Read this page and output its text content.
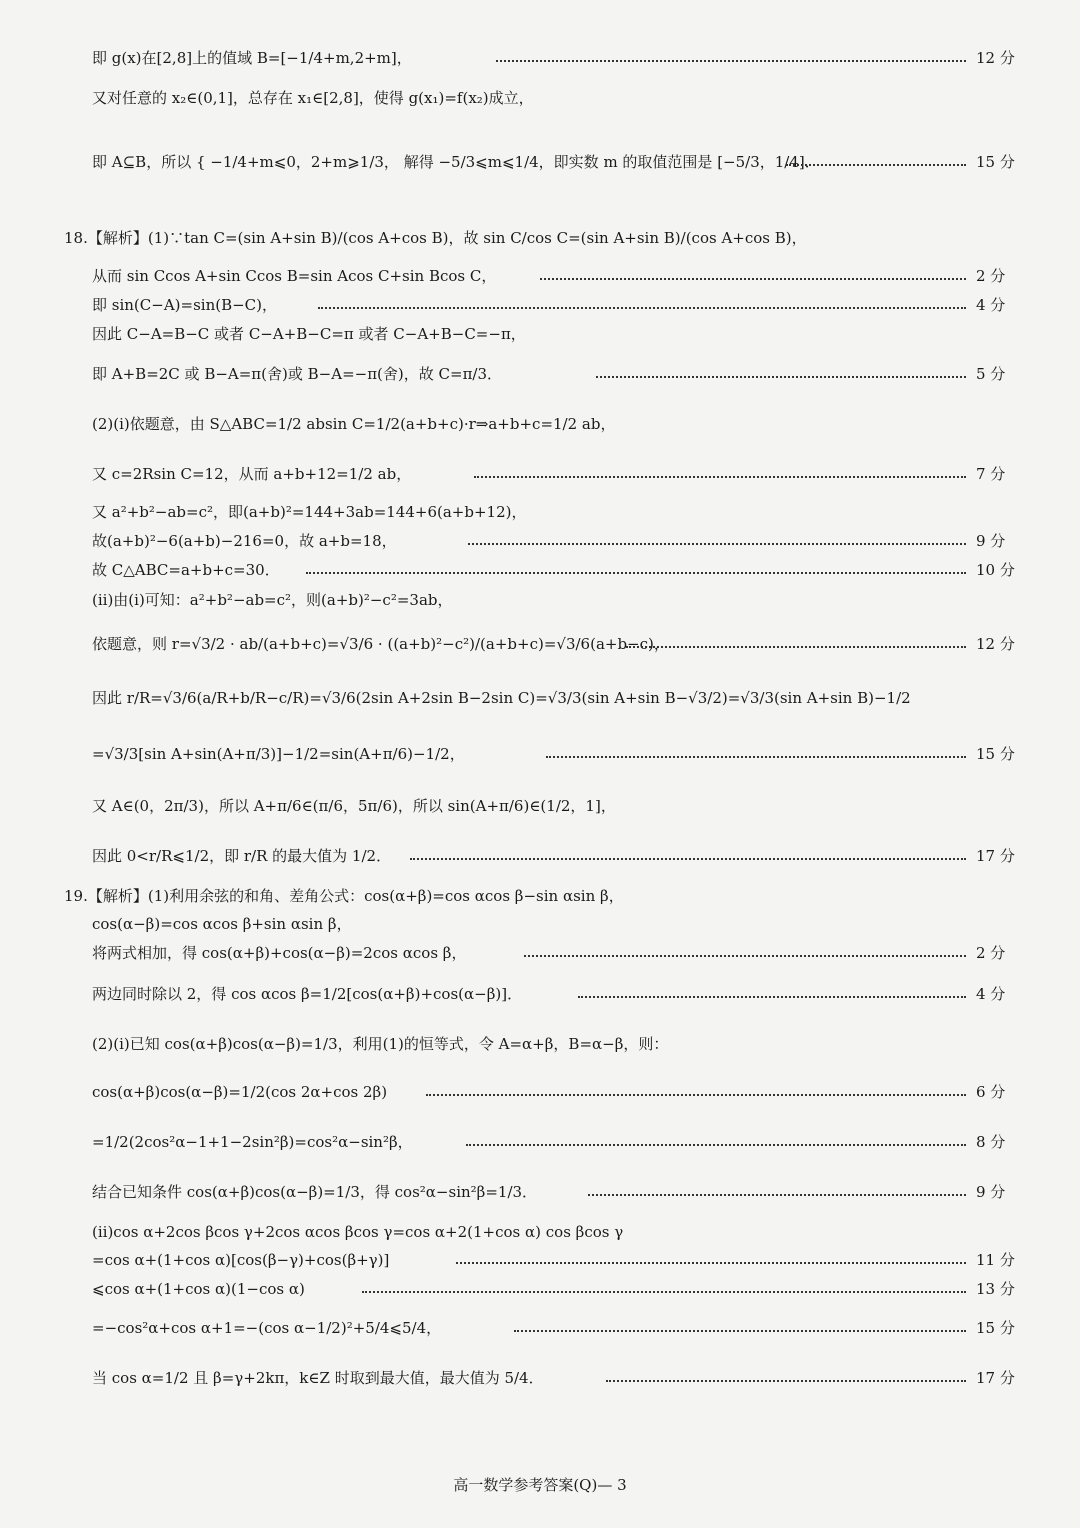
即 g(x)在[2,8]上的值域 B=[−1/4+m,2+m]，	12 分
又对任意的 x₂∈(0,1]，总存在 x₁∈[2,8]，使得 g(x₁)=f(x₂)成立，
即 A⊆B，所以 { −1/4+m⩽0，2+m⩾1/3， 解得 −5/3⩽m⩽1/4，即实数 m 的取值范围是 [−5/3，1/4]．	15 分
18.【解析】(1)∵tan C=(sin A+sin B)/(cos A+cos B)，故 sin C/cos C=(sin A+sin B)/(cos A+cos B)，
从而 sin Ccos A+sin Ccos B=sin Acos C+sin Bcos C，	2 分
即 sin(C−A)=sin(B−C)，	4 分
因此 C−A=B−C 或者 C−A+B−C=π 或者 C−A+B−C=−π，
即 A+B=2C 或 B−A=π(舍)或 B−A=−π(舍)，故 C=π/3．	5 分
(2)(ⅰ)依题意，由 S△ABC=1/2 absin C=1/2(a+b+c)·r⇒a+b+c=1/2 ab，
又 c=2Rsin C=12，从而 a+b+12=1/2 ab，	7 分
又 a²+b²−ab=c²，即(a+b)²=144+3ab=144+6(a+b+12)，
故(a+b)²−6(a+b)−216=0，故 a+b=18，	9 分
故 C△ABC=a+b+c=30．	10 分
(ⅱ)由(ⅰ)可知：a²+b²−ab=c²，则(a+b)²−c²=3ab，
依题意，则 r=√3/2 · ab/(a+b+c)=√3/6 · ((a+b)²−c²)/(a+b+c)=√3/6(a+b−c)，	12 分
因此 r/R=√3/6(a/R+b/R−c/R)=√3/6(2sin A+2sin B−2sin C)=√3/3(sin A+sin B−√3/2)=√3/3(sin A+sin B)−1/2
=√3/3[sin A+sin(A+π/3)]−1/2=sin(A+π/6)−1/2，	15 分
又 A∈(0，2π/3)，所以 A+π/6∈(π/6，5π/6)，所以 sin(A+π/6)∈(1/2，1]，
因此 0<r/R⩽1/2，即 r/R 的最大值为 1/2．	17 分
19.【解析】(1)利用余弦的和角、差角公式：cos(α+β)=cos αcos β−sin αsin β，
cos(α−β)=cos αcos β+sin αsin β，
将两式相加，得 cos(α+β)+cos(α−β)=2cos αcos β，	2 分
两边同时除以 2，得 cos αcos β=1/2[cos(α+β)+cos(α−β)]．	4 分
(2)(ⅰ)已知 cos(α+β)cos(α−β)=1/3，利用(1)的恒等式，令 A=α+β，B=α−β，则：
cos(α+β)cos(α−β)=1/2(cos 2α+cos 2β)	6 分
=1/2(2cos²α−1+1−2sin²β)=cos²α−sin²β，	8 分
结合已知条件 cos(α+β)cos(α−β)=1/3，得 cos²α−sin²β=1/3．	9 分
(ⅱ)cos α+2cos βcos γ+2cos αcos βcos γ=cos α+2(1+cos α) cos βcos γ
=cos α+(1+cos α)[cos(β−γ)+cos(β+γ)]	11 分
⩽cos α+(1+cos α)(1−cos α)	13 分
=−cos²α+cos α+1=−(cos α−1/2)²+5/4⩽5/4，	15 分
当 cos α=1/2 且 β=γ+2kπ，k∈Z 时取到最大值，最大值为 5/4．	17 分
高一数学参考答案(Q)— 3
